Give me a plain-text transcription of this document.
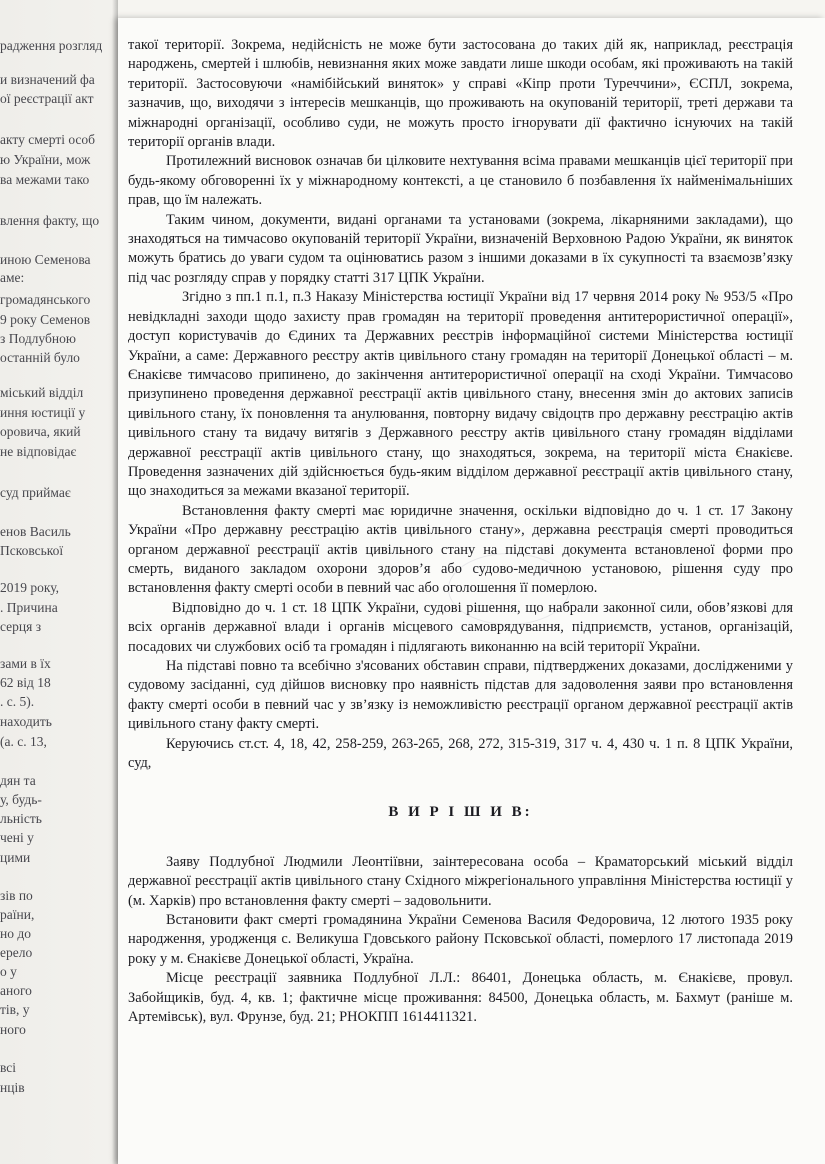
радження розгляд
и визначений фа
ої реєстрації акт
акту смерті особ
ю України, мож
ва межами тако
влення факту, що
иною Семенова
аме:
громадянського
9 року Семенов
з Подлубною
останній було
міський відділ
иння юстиції у
оровича, який
не відповідає
суд приймає
енов Василь
Псковської
2019 року,
. Причина
серця з
зами в їх
62 від 18
. с. 5).
находить
(а. с. 13,
дян та
у, будь-
льність
чені у
цими
зів по
раїни,
но до
ерело
о у
аного
тів, у
ного
всі
нців

такої території. Зокрема, недійсність не може бути застосована до таких дій як, наприклад, реєстрація народжень, смертей і шлюбів, невизнання яких може завдати лише шкоди особам, які проживають на такій території. Застосовуючи «намібійський виняток» у справі «Кіпр проти Туреччини», ЄСПЛ, зокрема, зазначив, що, виходячи з інтересів мешканців, що проживають на окупованій території, треті держави та міжнародні організації, особливо суди, не можуть просто ігнорувати дії фактично існуючих на такій території органів влади.

Протилежний висновок означав би цілковите нехтування всіма правами мешканців цієї території при будь-якому обговоренні їх у міжнародному контексті, а це становило б позбавлення їх найменімальніших прав, що їм належать.

Таким чином, документи, видані органами та установами (зокрема, лікарняними закладами), що знаходяться на тимчасово окупованій території України, визначеній Верховною Радою України, як виняток можуть братись до уваги судом та оцінюватись разом з іншими доказами в їх сукупності та взаємозв’язку під час розгляду справ у порядку статті 317 ЦПК України.

Згідно з пп.1 п.1, п.3 Наказу Міністерства юстиції України від 17 червня 2014 року № 953/5 «Про невідкладні заходи щодо захисту прав громадян на території проведення антитерористичної операції», доступ користувачів до Єдиних та Державних реєстрів інформаційної системи Міністерства юстиції України, а саме: Державного реєстру актів цивільного стану громадян на території Донецької області – м. Єнакієве тимчасово припинено, до закінчення антитерористичної операції на сході України. Тимчасово призупинено проведення державної реєстрації актів цивільного стану, внесення змін до актових записів цивільного стану, їх поновлення та анулювання, повторну видачу свідоцтв про державну реєстрацію актів цивільного стану та видачу витягів з Державного реєстру актів цивільного стану громадян відділами державної реєстрації актів цивільного стану, що знаходяться, зокрема, на території міста Єнакієве. Проведення зазначених дій здійснюється будь-яким відділом державної реєстрації актів цивільного стану, що знаходиться за межами вказаної території.

Встановлення факту смерті має юридичне значення, оскільки відповідно до ч. 1 ст. 17 Закону України «Про державну реєстрацію актів цивільного стану», державна реєстрація смерті проводиться органом державної реєстрації актів цивільного стану на підставі документа встановленої форми про смерть, виданого закладом охорони здоров’я або судово-медичною установою, рішення суду про встановлення факту смерті особи в певний час або оголошення її померлою.

Відповідно до ч. 1 ст. 18 ЦПК України, судові рішення, що набрали законної сили, обов’язкові для всіх органів державної влади і органів місцевого самоврядування, підприємств, установ, організацій, посадових чи службових осіб та громадян і підлягають виконанню на всій території України.

На підставі повно та всебічно з'ясованих обставин справи, підтверджених доказами, дослідженими у судовому засіданні, суд дійшов висновку про наявність підстав для задоволення заяви про встановлення факту смерті особи в певний час у зв’язку із неможливістю реєстрації органом державної реєстрації актів цивільного стану факту смерті.

Керуючись ст.ст. 4, 18, 42, 258-259, 263-265, 268, 272, 315-319, 317 ч. 4, 430 ч. 1 п. 8 ЦПК України, суд,

В И Р І Ш И В:

Заяву Подлубної Людмили Леонтіївни, заінтересована особа – Краматорський міський відділ державної реєстрації актів цивільного стану Східного міжрегіонального управління Міністерства юстиції у (м. Харків) про встановлення факту смерті – задовольнити.

Встановити факт смерті громадянина України Семенова Василя Федоровича, 12 лютого 1935 року народження, уродженця с. Великуша Гдовського району Псковської області, померлого 17 листопада 2019 року у м. Єнакієве Донецької області, Україна.

Місце реєстрації заявника Подлубної Л.Л.: 86401, Донецька область, м. Єнакієве, провул. Забойщиків, буд. 4, кв. 1; фактичне місце проживання: 84500, Донецька область, м. Бахмут (раніше м. Артемівськ), вул. Фрунзе, буд. 21; РНОКПП 1614411321.
